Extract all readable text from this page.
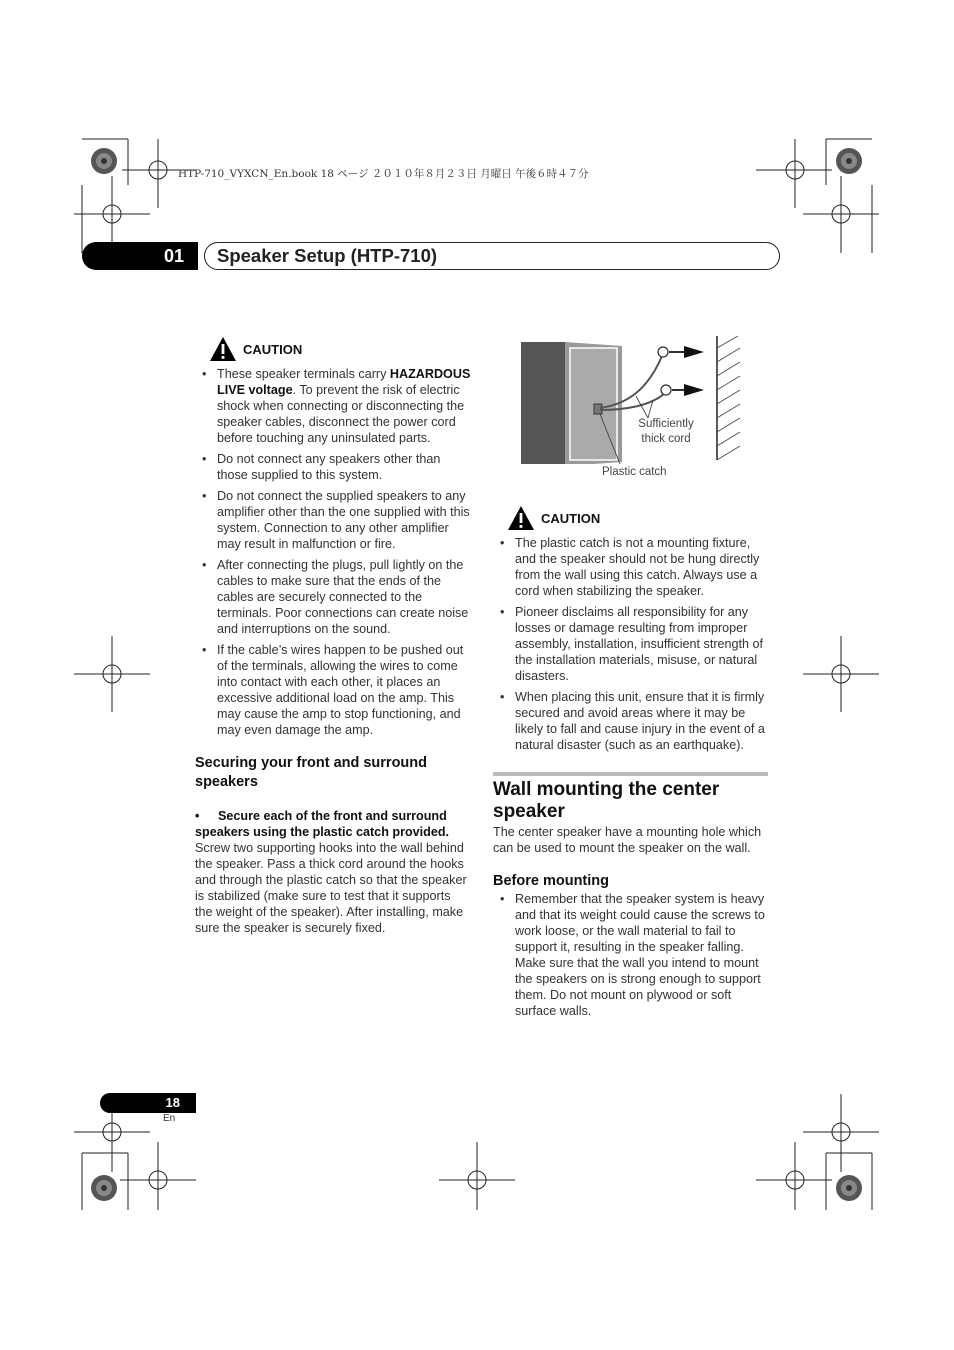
HTP-710_VYXCN_En.book 18 ページ ２０１０年８月２３日 月曜日 午後６時４７分
01	Speaker Setup (HTP-710)
CAUTION
• These speaker terminals carry HAZARDOUS LIVE voltage. To prevent the risk of electric shock when connecting or disconnecting the speaker cables, disconnect the power cord before touching any uninsulated parts.
• Do not connect any speakers other than those supplied to this system.
• Do not connect the supplied speakers to any amplifier other than the one supplied with this system. Connection to any other amplifier may result in malfunction or fire.
• After connecting the plugs, pull lightly on the cables to make sure that the ends of the cables are securely connected to the terminals. Poor connections can create noise and interruptions on the sound.
• If the cable’s wires happen to be pushed out of the terminals, allowing the wires to come into contact with each other, it places an excessive additional load on the amp. This may cause the amp to stop functioning, and may even damage the amp.
Securing your front and surround speakers
• Secure each of the front and surround speakers using the plastic catch provided.
Screw two supporting hooks into the wall behind the speaker. Pass a thick cord around the hooks and through the plastic catch so that the speaker is stabilized (make sure to test that it supports the weight of the speaker). After installing, make sure the speaker is securely fixed.
Sufficiently
thick cord
Plastic catch
CAUTION
• The plastic catch is not a mounting fixture, and the speaker should not be hung directly from the wall using this catch. Always use a cord when stabilizing the speaker.
• Pioneer disclaims all responsibility for any losses or damage resulting from improper assembly, installation, insufficient strength of the installation materials, misuse, or natural disasters.
• When placing this unit, ensure that it is firmly secured and avoid areas where it may be likely to fall and cause injury in the event of a natural disaster (such as an earthquake).
Wall mounting the center speaker
The center speaker have a mounting hole which can be used to mount the speaker on the wall.
Before mounting
• Remember that the speaker system is heavy and that its weight could cause the screws to work loose, or the wall material to fail to support it, resulting in the speaker falling. Make sure that the wall you intend to mount the speakers on is strong enough to support them. Do not mount on plywood or soft surface walls.
18
En
